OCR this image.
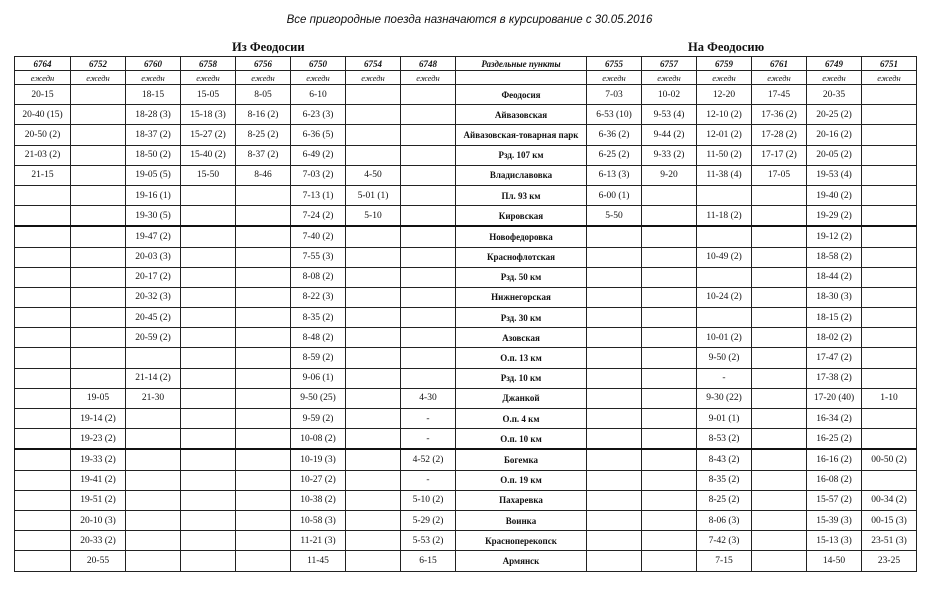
Все пригородные поезда назначаются в курсирование с 30.05.2016
Из Феодосии	На Феодосию
6764	6752	6760	6758	6756	6750	6754	6748	Раздельные пункты	6755	6757	6759	6761	6749	6751
ежедн	ежедн	ежедн	ежедн	ежедн	ежедн	ежедн	ежедн		ежедн	ежедн	ежедн	ежедн	ежедн	ежедн
20-15		18-15	15-05	8-05	6-10			Феодосия	7-03	10-02	12-20	17-45	20-35	
20-40 (15)		18-28 (3)	15-18 (3)	8-16 (2)	6-23 (3)			Айвазовская	6-53 (10)	9-53 (4)	12-10 (2)	17-36 (2)	20-25 (2)	
20-50 (2)		18-37 (2)	15-27 (2)	8-25 (2)	6-36 (5)			Айвазовская-товарная парк	6-36 (2)	9-44 (2)	12-01 (2)	17-28 (2)	20-16 (2)	
21-03 (2)		18-50 (2)	15-40 (2)	8-37 (2)	6-49 (2)			Рзд. 107 км	6-25 (2)	9-33 (2)	11-50 (2)	17-17 (2)	20-05 (2)	
21-15		19-05 (5)	15-50	8-46	7-03 (2)	4-50		Владиславовка	6-13 (3)	9-20	11-38 (4)	17-05	19-53 (4)	
		19-16 (1)			7-13 (1)	5-01 (1)		Пл. 93 км	6-00 (1)				19-40 (2)	
		19-30 (5)			7-24 (2)	5-10		Кировская	5-50		11-18 (2)		19-29 (2)	
		19-47 (2)			7-40 (2)			Новофедоровка					19-12 (2)	
		20-03 (3)			7-55 (3)			Краснофлотская			10-49 (2)		18-58 (2)	
		20-17 (2)			8-08 (2)			Рзд. 50 км					18-44 (2)	
		20-32 (3)			8-22 (3)			Нижнегорская			10-24 (2)		18-30 (3)	
		20-45 (2)			8-35 (2)			Рзд. 30 км					18-15 (2)	
		20-59 (2)			8-48 (2)			Азовская			10-01 (2)		18-02 (2)	
					8-59 (2)			О.п. 13 км			9-50 (2)		17-47 (2)	
		21-14 (2)			9-06 (1)			Рзд. 10 км			-		17-38 (2)	
	19-05	21-30			9-50 (25)		4-30	Джанкой			9-30 (22)		17-20 (40)	1-10
	19-14 (2)				9-59 (2)		-	О.п. 4 км			9-01 (1)		16-34 (2)	
	19-23 (2)				10-08 (2)		-	О.п. 10 км			8-53 (2)		16-25 (2)	
	19-33 (2)				10-19 (3)		4-52 (2)	Богемка			8-43 (2)		16-16 (2)	00-50 (2)
	19-41 (2)				10-27 (2)		-	О.п. 19 км			8-35 (2)		16-08 (2)	
	19-51 (2)				10-38 (2)		5-10 (2)	Пахаревка			8-25 (2)		15-57 (2)	00-34 (2)
	20-10 (3)				10-58 (3)		5-29 (2)	Воинка			8-06 (3)		15-39 (3)	00-15 (3)
	20-33 (2)				11-21 (3)		5-53 (2)	Красноперекопск			7-42 (3)		15-13 (3)	23-51 (3)
	20-55				11-45		6-15	Армянск			7-15		14-50	23-25
